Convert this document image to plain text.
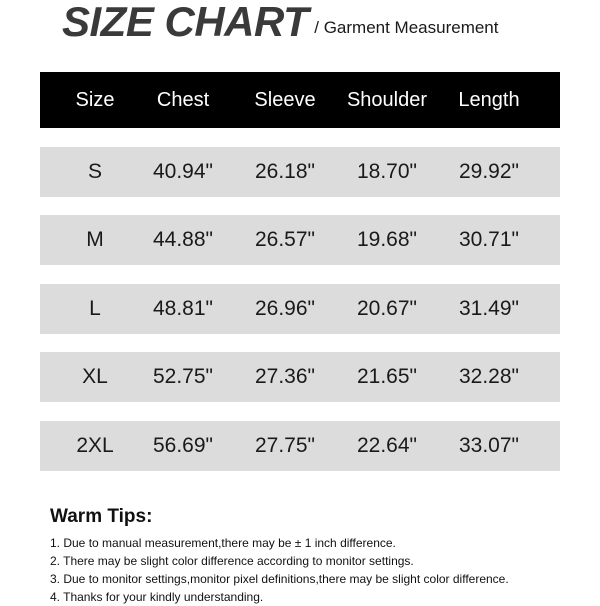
SIZE CHART / Garment Measurement
Size	Chest	Sleeve	Shoulder	Length
S	40.94"	26.18"	18.70"	29.92"
M	44.88"	26.57"	19.68"	30.71"
L	48.81"	26.96"	20.67"	31.49"
XL	52.75"	27.36"	21.65"	32.28"
2XL	56.69"	27.75"	22.64"	33.07"
Warm Tips:
1. Due to manual measurement,there may be ± 1 inch difference.
2. There may be slight color difference according to monitor settings.
3. Due to monitor settings,monitor pixel definitions,there may be slight color difference.
4. Thanks for your kindly understanding.
